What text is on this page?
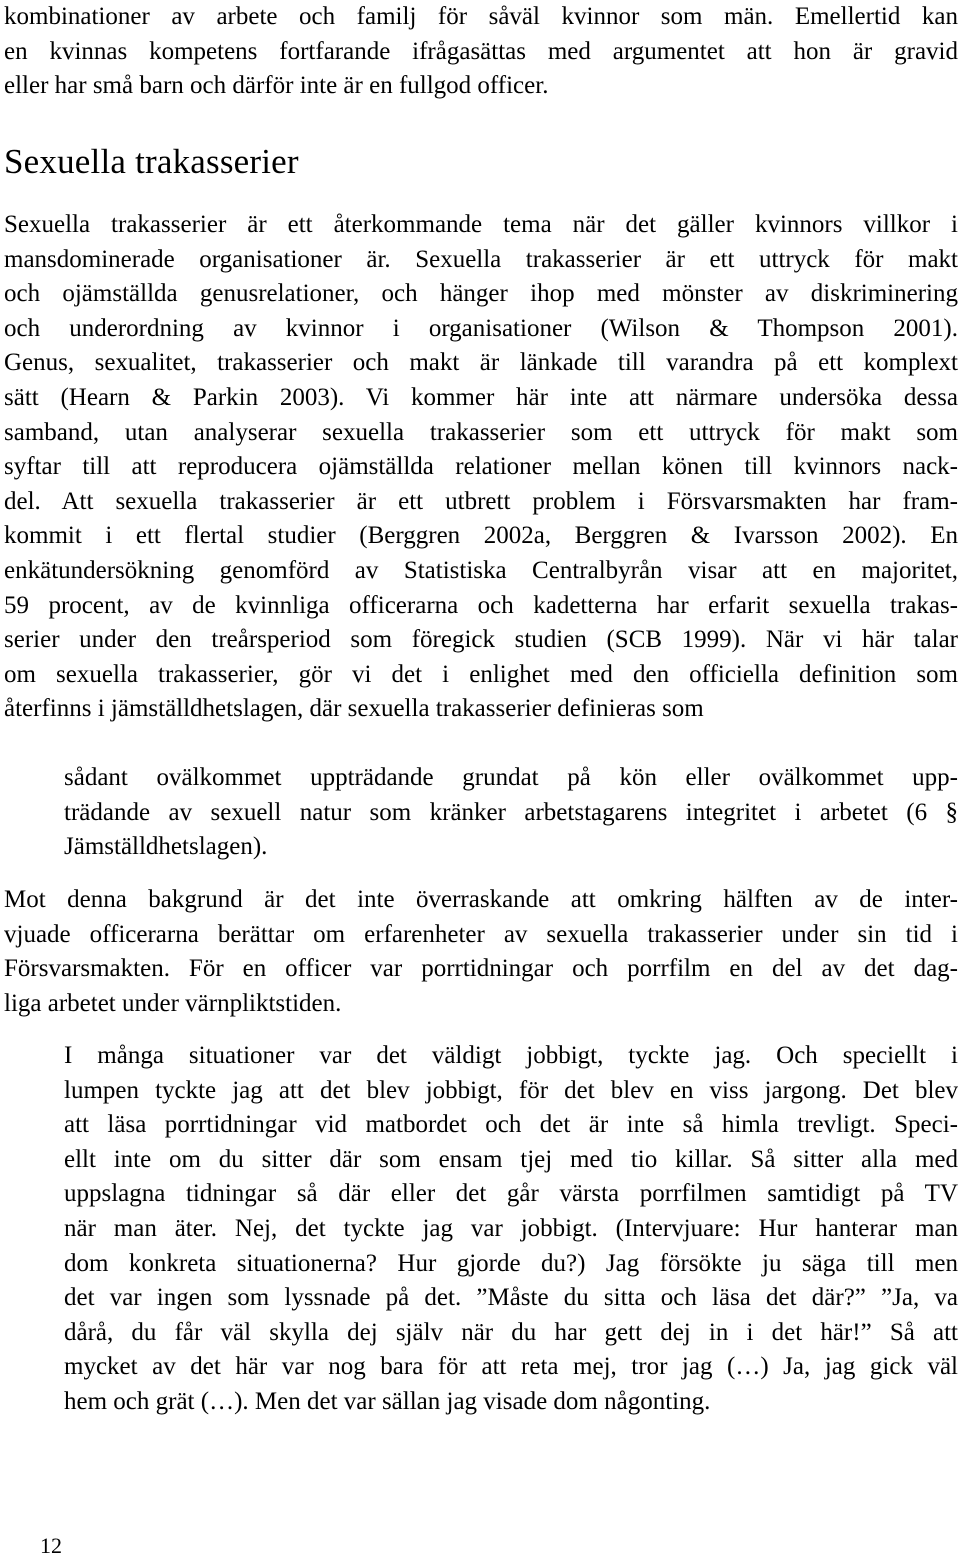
kombinationer av arbete och familj för såväl kvinnor som män. Emellertid kan
en kvinnas kompetens fortfarande ifrågasättas med argumentet att hon är gravid
eller har små barn och därför inte är en fullgod officer.
Sexuella trakasserier
Sexuella trakasserier är ett återkommande tema när det gäller kvinnors villkor i
mansdominerade organisationer är. Sexuella trakasserier är ett uttryck för makt
och ojämställda genusrelationer, och hänger ihop med mönster av diskriminering
och underordning av kvinnor i organisationer (Wilson & Thompson 2001).
Genus, sexualitet, trakasserier och makt är länkade till varandra på ett komplext
sätt (Hearn & Parkin 2003). Vi kommer här inte att närmare undersöka dessa
samband, utan analyserar sexuella trakasserier som ett uttryck för makt som
syftar till att reproducera ojämställda relationer mellan könen till kvinnors nack-
del. Att sexuella trakasserier är ett utbrett problem i Försvarsmakten har fram-
kommit i ett flertal studier (Berggren 2002a, Berggren & Ivarsson 2002). En
enkätundersökning genomförd av Statistiska Centralbyrån visar att en majoritet,
59 procent, av de kvinnliga officerarna och kadetterna har erfarit sexuella trakas-
serier under den treårsperiod som föregick studien (SCB 1999). När vi här talar
om sexuella trakasserier, gör vi det i enlighet med den officiella definition som
återfinns i jämställdhetslagen, där sexuella trakasserier definieras som
sådant ovälkommet uppträdande grundat på kön eller ovälkommet upp-
trädande av sexuell natur som kränker arbetstagarens integritet i arbetet (6 §
Jämställdhetslagen).
Mot denna bakgrund är det inte överraskande att omkring hälften av de inter-
vjuade officerarna berättar om erfarenheter av sexuella trakasserier under sin tid i
Försvarsmakten. För en officer var porrtidningar och porrfilm en del av det dag-
liga arbetet under värnpliktstiden.
I många situationer var det väldigt jobbigt, tyckte jag. Och speciellt i
lumpen tyckte jag att det blev jobbigt, för det blev en viss jargong. Det blev
att läsa porrtidningar vid matbordet och det är inte så himla trevligt. Speci-
ellt inte om du sitter där som ensam tjej med tio killar. Så sitter alla med
uppslagna tidningar så där eller det går värsta porrfilmen samtidigt på TV
när man äter. Nej, det tyckte jag var jobbigt. (Intervjuare: Hur hanterar man
dom konkreta situationerna? Hur gjorde du?) Jag försökte ju säga till men
det var ingen som lyssnade på det. ”Måste du sitta och läsa det där?” ”Ja, va
dårå, du får väl skylla dej själv när du har gett dej in i det här!” Så att
mycket av det här var nog bara för att reta mej, tror jag (…) Ja, jag gick väl
hem och grät (…). Men det var sällan jag visade dom någonting.
12
